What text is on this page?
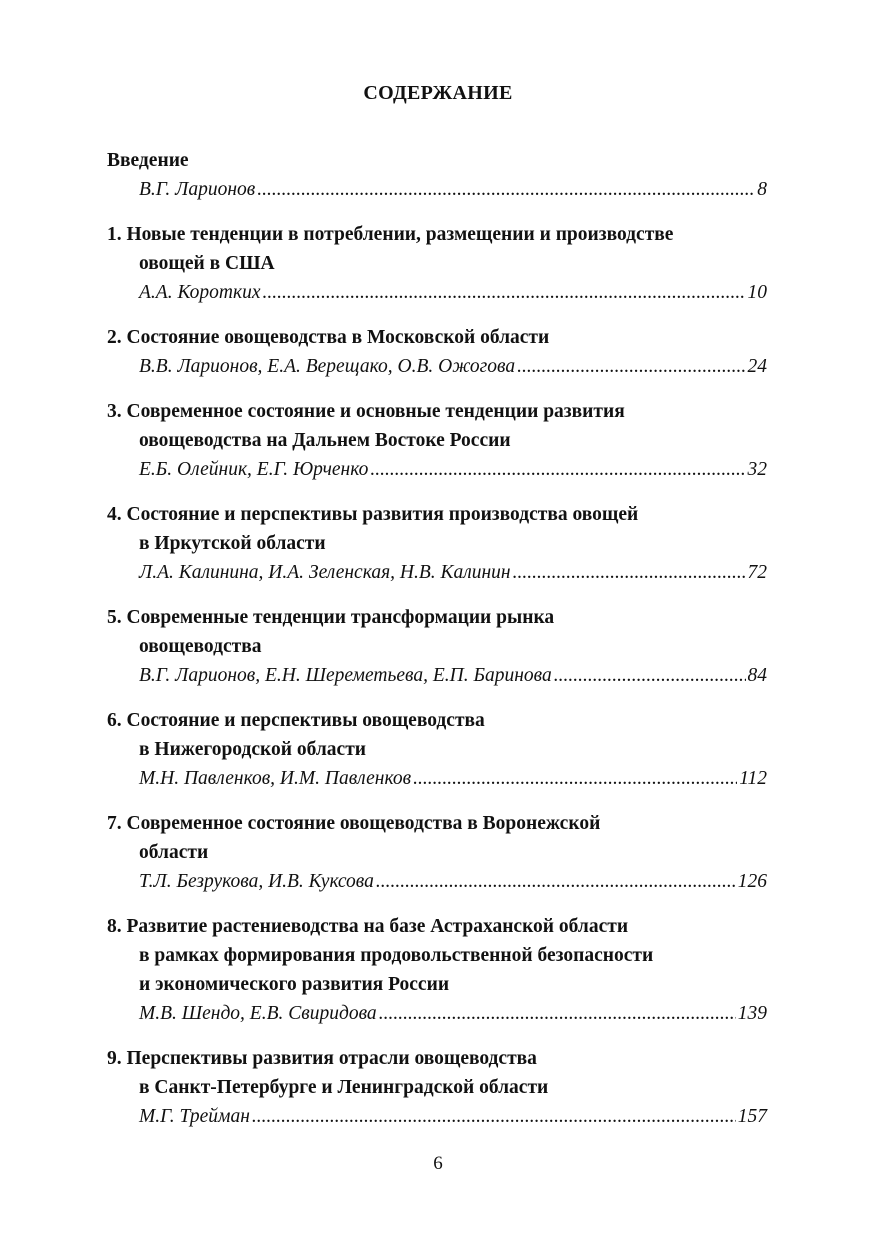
СОДЕРЖАНИЕ
Введение
В.Г. Ларионов .....	8
1. Новые тенденции в потреблении, размещении и производстве
овощей в США
А.А. Коротких .....	10
2. Состояние овощеводства в Московской области
В.В. Ларионов, Е.А. Верещако, О.В. Ожогова .....	24
3. Современное состояние и основные тенденции развития
овощеводства на Дальнем Востоке России
Е.Б. Олейник, Е.Г. Юрченко .....	32
4. Состояние и перспективы развития производства овощей
в Иркутской области
Л.А. Калинина, И.А. Зеленская, Н.В. Калинин .....	72
5. Современные тенденции трансформации рынка
овощеводства
В.Г. Ларионов, Е.Н. Шереметьева, Е.П. Баринова .....	84
6. Состояние и перспективы овощеводства
в Нижегородской области
М.Н. Павленков, И.М. Павленков .....	112
7. Современное состояние овощеводства в Воронежской
области
Т.Л. Безрукова, И.В. Куксова .....	126
8. Развитие растениеводства на базе Астраханской области
в рамках формирования продовольственной безопасности
и экономического развития России
М.В. Шендо, Е.В. Свиридова .....	139
9. Перспективы развития отрасли овощеводства
в Санкт-Петербурге и Ленинградской области
М.Г. Трейман .....	157
6
